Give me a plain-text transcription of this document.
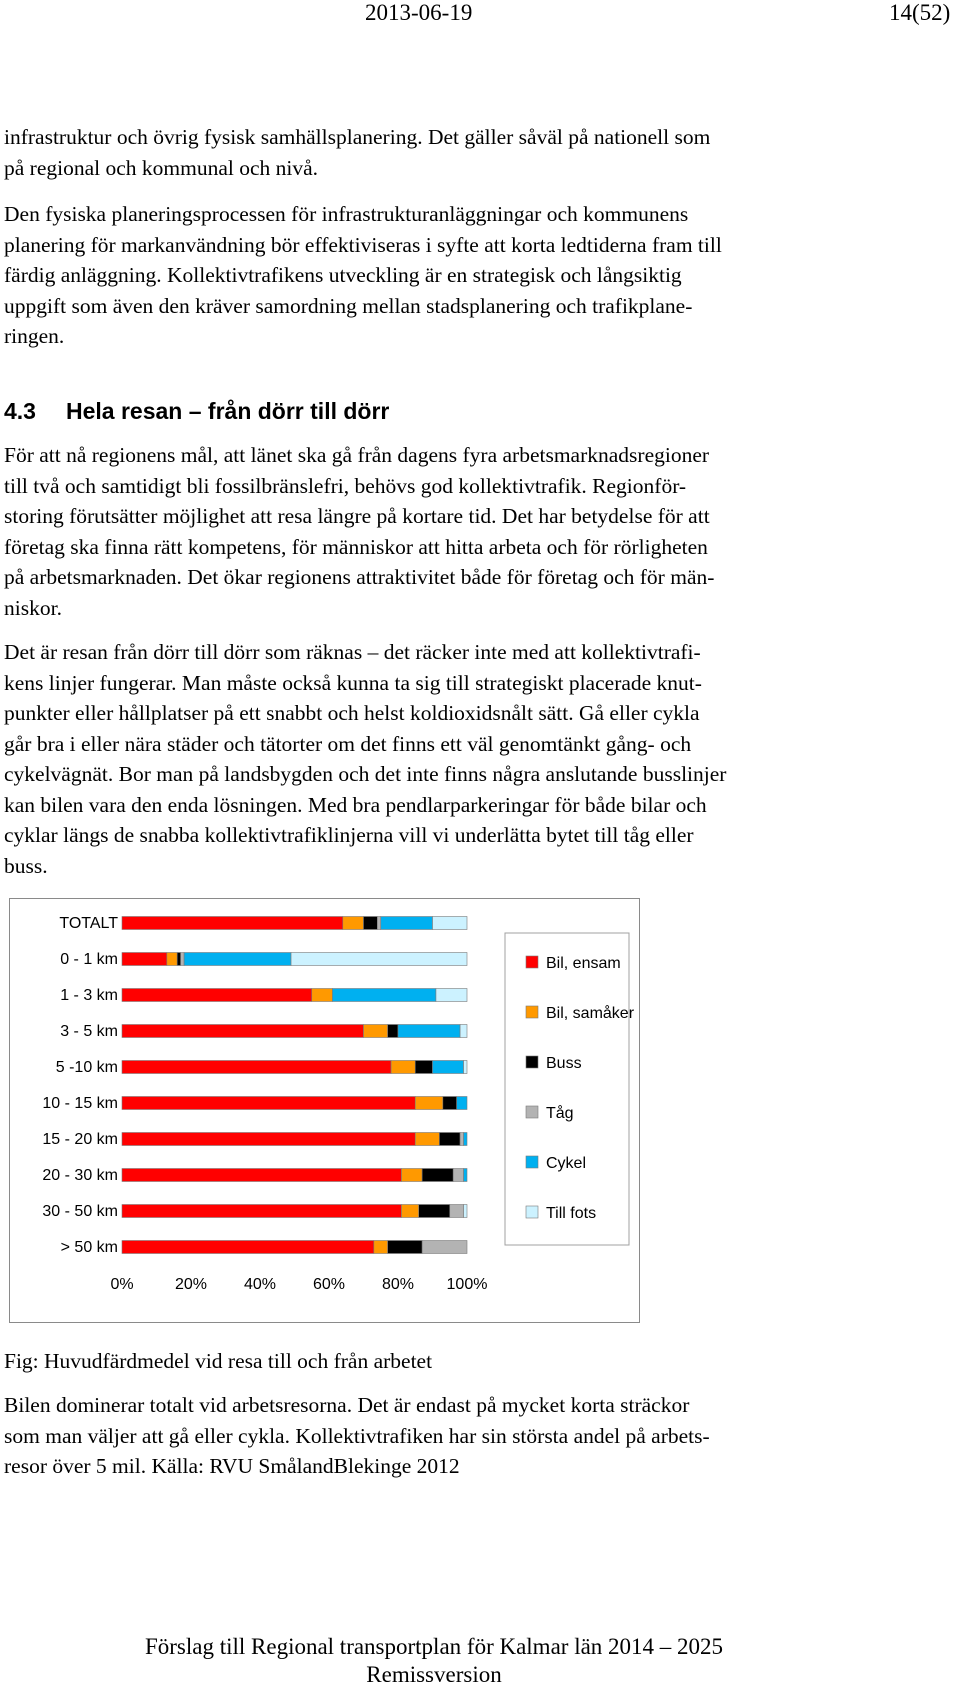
2013-06-19	14(52)

infrastruktur och övrig fysisk samhällsplanering. Det gäller såväl på nationell som
på regional och kommunal och nivå.

Den fysiska planeringsprocessen för infrastrukturanläggningar och kommunens
planering för markanvändning bör effektiviseras i syfte att korta ledtiderna fram till
färdig anläggning. Kollektivtrafikens utveckling är en strategisk och långsiktig
uppgift som även den kräver samordning mellan stadsplanering och trafikplane-
ringen.

4.3 Hela resan – från dörr till dörr

För att nå regionens mål, att länet ska gå från dagens fyra arbetsmarknadsregioner
till två och samtidigt bli fossilbränslefri, behövs god kollektivtrafik. Regionför-
storing förutsätter möjlighet att resa längre på kortare tid. Det har betydelse för att
företag ska finna rätt kompetens, för människor att hitta arbeta och för rörligheten
på arbetsmarknaden. Det ökar regionens attraktivitet både för företag och för män-
niskor.

Det är resan från dörr till dörr som räknas – det räcker inte med att kollektivtrafi-
kens linjer fungerar. Man måste också kunna ta sig till strategiskt placerade knut-
punkter eller hållplatser på ett snabbt och helst koldioxidsnålt sätt. Gå eller cykla
går bra i eller nära städer och tätorter om det finns ett väl genomtänkt gång- och
cykelvägnät. Bor man på landsbygden och det inte finns några anslutande busslinjer
kan bilen vara den enda lösningen. Med bra pendlarparkeringar för både bilar och
cyklar längs de snabba kollektivtrafiklinjerna vill vi underlätta bytet till tåg eller
buss.

TOTALT
0 - 1 km
1 - 3 km
3 - 5 km
5 -10 km
10 - 15 km
15 - 20 km
20 - 30 km
30 - 50 km
> 50 km
0%	20% 40% 60% 80% 100%
Bil, ensam
Bil, samåker
Buss
Tåg
Cykel
Till fots

Fig: Huvudfärdmedel vid resa till och från arbetet

Bilen dominerar totalt vid arbetsresorna. Det är endast på mycket korta sträckor
som man väljer att gå eller cykla. Kollektivtrafiken har sin största andel på arbets-
resor över 5 mil. Källa: RVU SmålandBlekinge 2012

Förslag till Regional transportplan för Kalmar län 2014 – 2025
Remissversion
